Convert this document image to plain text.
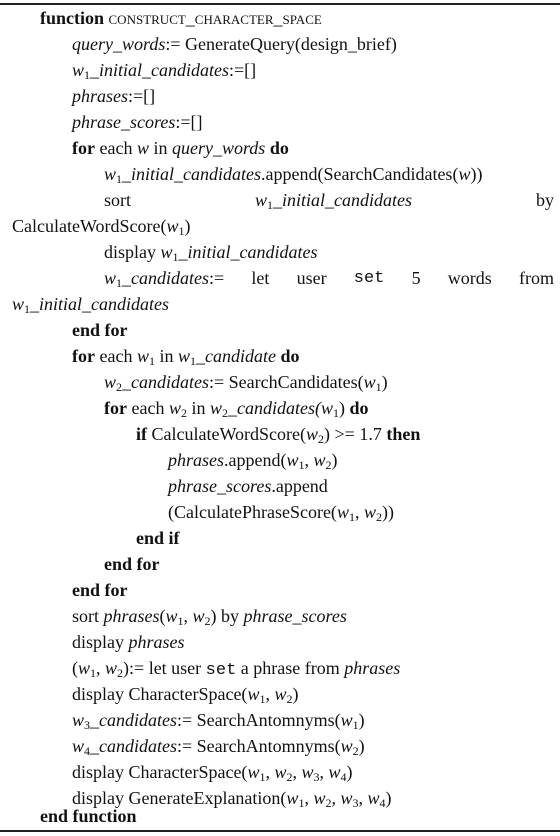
function construct_character_space
query_words:= GenerateQuery(design_brief)
$w_1\_initial\_candidates:=[]$
phrases:=[]
phrase_scores:=[]
for each w in query_words do
$w_1\_initial\_candidates.append(SearchCandidates(w))$
sort	$w_1\_initial\_candidates$	by
$CalculateWordScore(w_1)$
display $w_1\_initial\_candidates$
$w_1\_candidates:=$ let user set 5 words from
$w_1\_initial\_candidates$
end for
for each $w_1$ in $w_1\_candidate$ do
$w_2\_candidates:=$ $SearchCandidates(w_1)$
for each $w_2$ in $w_2\_candidates(w_1)$ do
if $CalculateWordScore(w_2) >= 1.7$ then
$phrases.append(w_1$, $w_2$)
phrase_scores.append
($CalculatePhraseScore(w_1$, $w_2$))
end if
end for
end for
sort $phrases(w_1$, $w_2$) by phrase_scores
display phrases
($w_1$, $w_2):=$ let user set a phrase from phrases
display $CharacterSpace(w_1$, $w_2$)
$w_3\_candidates:=$ $SearchAntomnyms(w_1)$
$w_4\_candidates:=$ $SearchAntomnyms(w_2)$
display $CharacterSpace(w_1$, $w_2$, $w_3$, $w_4$)
display $GenerateExplanation(w_1$, $w_2$, $w_3$, $w_4$)
end function
